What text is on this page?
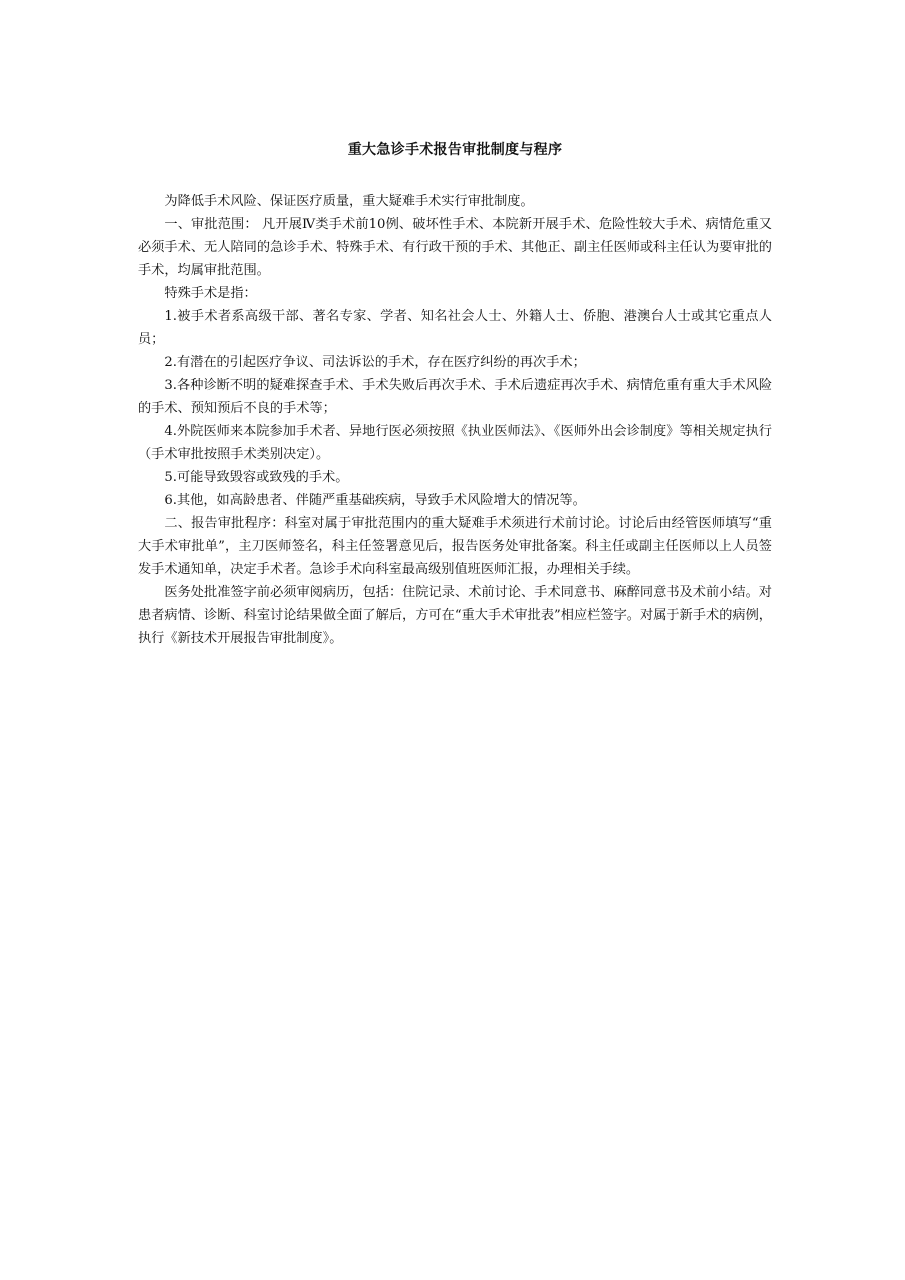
重大急诊手术报告审批制度与程序

为降低手术风险、保证医疗质量，重大疑难手术实行审批制度。

一、审批范围： 凡开展Ⅳ类手术前10例、破坏性手术、本院新开展手术、危险性较大手术、病情危重又必须手术、无人陪同的急诊手术、特殊手术、有行政干预的手术、其他正、副主任医师或科主任认为要审批的手术，均属审批范围。

特殊手术是指：

1.被手术者系高级干部、著名专家、学者、知名社会人士、外籍人士、侨胞、港澳台人士或其它重点人员；

2.有潜在的引起医疗争议、司法诉讼的手术，存在医疗纠纷的再次手术；

3.各种诊断不明的疑难探查手术、手术失败后再次手术、手术后遗症再次手术、病情危重有重大手术风险的手术、预知预后不良的手术等；

4.外院医师来本院参加手术者、异地行医必须按照《执业医师法》、《医师外出会诊制度》等相关规定执行（手术审批按照手术类别决定）。

5.可能导致毁容或致残的手术。

6.其他，如高龄患者、伴随严重基础疾病，导致手术风险增大的情况等。

二、报告审批程序：科室对属于审批范围内的重大疑难手术须进行术前讨论。讨论后由经管医师填写“重大手术审批单”，主刀医师签名，科主任签署意见后，报告医务处审批备案。科主任或副主任医师以上人员签发手术通知单，决定手术者。急诊手术向科室最高级别值班医师汇报，办理相关手续。

医务处批准签字前必须审阅病历，包括：住院记录、术前讨论、手术同意书、麻醉同意书及术前小结。对患者病情、诊断、科室讨论结果做全面了解后，方可在“重大手术审批表”相应栏签字。对属于新手术的病例，执行《新技术开展报告审批制度》。
